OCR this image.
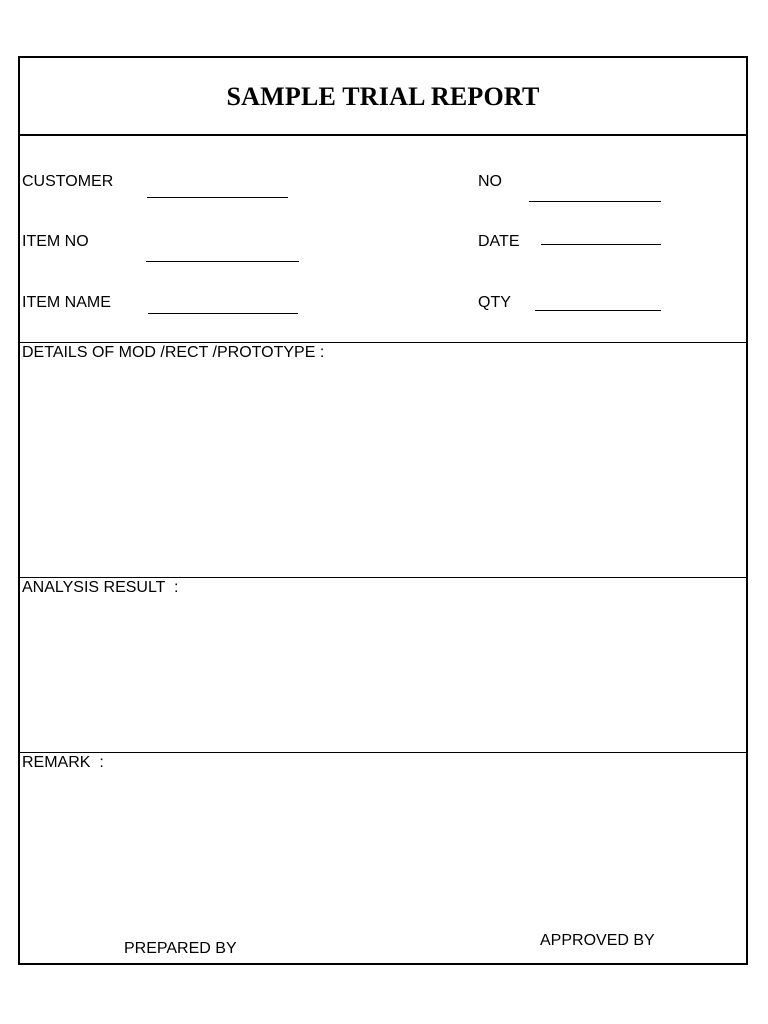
SAMPLE TRIAL REPORT
CUSTOMER	NO
ITEM NO	DATE
ITEM NAME	QTY
DETAILS OF MOD /RECT /PROTOTYPE :
ANALYSIS RESULT  :
REMARK  :
PREPARED BY	APPROVED BY
